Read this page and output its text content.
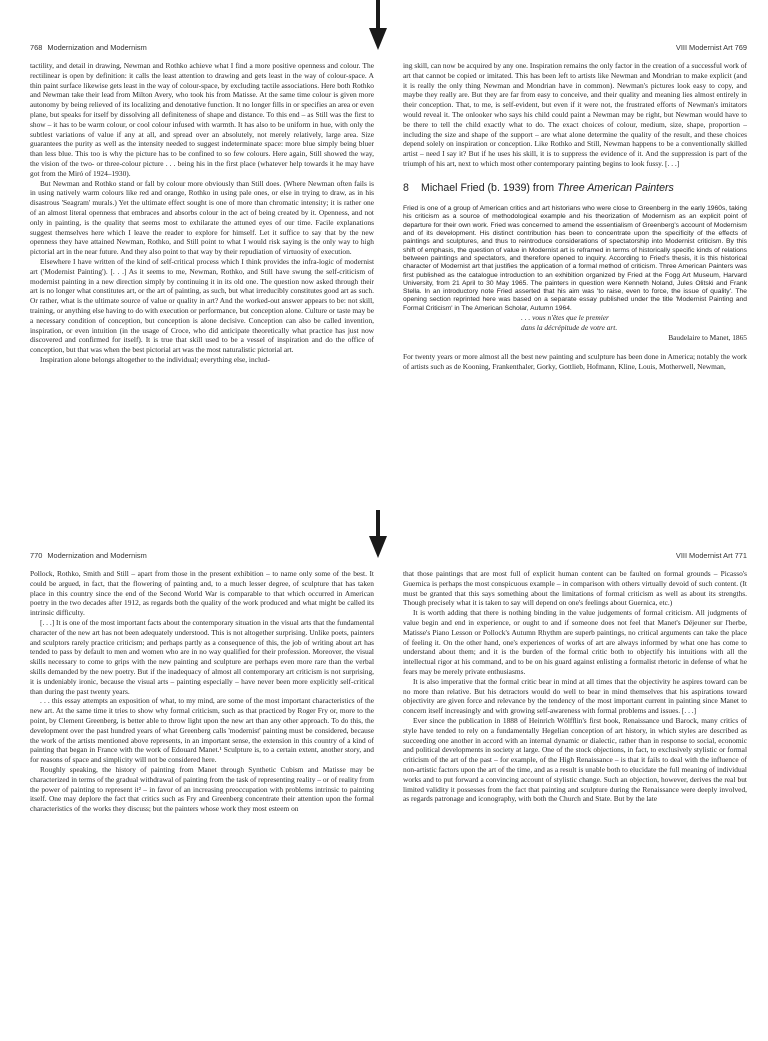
768 Modernization and Modernism

tactility, and detail in drawing, Newman and Rothko achieve what I find a more positive openness and colour. The rectilinear is open by definition: it calls the least attention to drawing and gets least in the way of colour-space. A thin paint surface likewise gets least in the way of colour-space, by excluding tactile associations. Here both Rothko and Newman take their lead from Milton Avery, who took his from Matisse. At the same time colour is given more autonomy by being relieved of its localizing and denotative function. It no longer fills in or specifies an area or even plane, but speaks for itself by dissolving all definiteness of shape and distance. To this end – as Still was the first to show – it has to be warm colour, or cool colour infused with warmth. It has also to be uniform in hue, with only the subtlest variations of value if any at all, and spread over an absolutely, not merely relatively, large area. Size guarantees the purity as well as the intensity needed to suggest indeterminate space: more blue simply being bluer than less blue. This too is why the picture has to be confined to so few colours. Here again, Still showed the way, the vision of the two- or three-colour picture . . . being his in the first place (whatever help towards it he may have got from the Miró of 1924–1930).

But Newman and Rothko stand or fall by colour more obviously than Still does. (Where Newman often fails is in using natively warm colours like red and orange, Rothko in using pale ones, or else in trying to draw, as in his disastrous 'Seagram' murals.) Yet the ultimate effect sought is one of more than chromatic intensity; it is rather one of an almost literal openness that embraces and absorbs colour in the act of being created by it. Openness, and not only in painting, is the quality that seems most to exhilarate the attuned eyes of our time. Facile explanations suggest themselves here which I leave the reader to explore for himself. Let it suffice to say that by the new openness they have attained Newman, Rothko, and Still point to what I would risk saying is the only way to high pictorial art in the near future. And they also point to that way by their repudiation of virtuosity of execution.

Elsewhere I have written of the kind of self-critical process which I think provides the infra-logic of modernist art ('Modernist Painting'). [. . .] As it seems to me, Newman, Rothko, and Still have swung the self-criticism of modernist painting in a new direction simply by continuing it in its old one. The question now asked through their art is no longer what constitutes art, or the art of painting, as such, but what irreducibly constitutes good art as such. Or rather, what is the ultimate source of value or quality in art? And the worked-out answer appears to be: not skill, training, or anything else having to do with execution or performance, but conception alone. Culture or taste may be a necessary condition of conception, but conception is alone decisive. Conception can also be called invention, inspiration, or even intuition (in the usage of Croce, who did anticipate theoretically what practice has just now discovered and confirmed for itself). It is true that skill used to be a vessel of inspiration and do the office of conception, but that was when the best pictorial art was the most naturalistic pictorial art.

Inspiration alone belongs altogether to the individual; everything else, includ-

VIII Modernist Art 769

ing skill, can now be acquired by any one. Inspiration remains the only factor in the creation of a successful work of art that cannot be copied or imitated. This has been left to artists like Newman and Mondrian to make explicit (and it is really the only thing Newman and Mondrian have in common). Newman's pictures look easy to copy, and maybe they really are. But they are far from easy to conceive, and their quality and meaning lies almost entirely in their conception. That, to me, is self-evident, but even if it were not, the frustrated efforts of Newman's imitators would reveal it. The onlooker who says his child could paint a Newman may be right, but Newman would have to be there to tell the child exactly what to do. The exact choices of colour, medium, size, shape, proportion – including the size and shape of the support – are what alone determine the quality of the result, and these choices depend solely on inspiration or conception. Like Rothko and Still, Newman happens to be a conventionally skilled artist – need I say it? But if he uses his skill, it is to suppress the evidence of it. And the suppression is part of the triumph of his art, next to which most other contemporary painting begins to look fussy. [. . .]

8	Michael Fried (b. 1939) from Three American Painters

Fried is one of a group of American critics and art historians who were close to Greenberg in the early 1960s, taking his criticism as a source of methodological example and his theorization of Modernism as an explicit point of departure for their own work. Fried was concerned to amend the essentialism of Greenberg's account of Modernism and of its development. His distinct contribution has been to concentrate upon the specificity of the effects of paintings and sculptures, and thus to reintroduce considerations of spectatorship into Modernist criticism. By this shift of emphasis, the question of value in Modernist art is reframed in terms of historically specific kinds of relations between paintings and spectators, and therefore opened to inquiry. According to Fried's thesis, it is this historical character of Modernist art that justifies the application of a formal method of criticism. Three American Painters was first published as the catalogue introduction to an exhibition organized by Fried at the Fogg Art Museum, Harvard University, from 21 April to 30 May 1965. The painters in question were Kenneth Noland, Jules Olitski and Frank Stella. In an introductory note Fried asserted that his aim was 'to raise, even to force, the issue of quality'. The opening section reprinted here was based on a separate essay published under the title 'Modernist Painting and Formal Criticism' in The American Scholar, Autumn 1964.

. . . vous n'êtes que le premier
dans la décrépitude de votre art.
Baudelaire to Manet, 1865

For twenty years or more almost all the best new painting and sculpture has been done in America; notably the work of artists such as de Kooning, Frankenthaler, Gorky, Gottlieb, Hofmann, Kline, Louis, Motherwell, Newman,

770 Modernization and Modernism

Pollock, Rothko, Smith and Still – apart from those in the present exhibition – to name only some of the best. It could be argued, in fact, that the flowering of painting and, to a much lesser degree, of sculpture that has taken place in this country since the end of the Second World War is comparable to that which occurred in American poetry in the two decades after 1912, as regards both the quality of the work produced and what might be called its intrinsic difficulty.

[. . .] It is one of the most important facts about the contemporary situation in the visual arts that the fundamental character of the new art has not been adequately understood. This is not altogether surprising. Unlike poets, painters and sculptors rarely practice criticism; and perhaps partly as a consequence of this, the job of writing about art has tended to pass by default to men and women who are in no way qualified for their profession. Moreover, the visual skills necessary to come to grips with the new painting and sculpture are perhaps even more rare than the verbal skills demanded by the new poetry. But if the inadequacy of almost all contemporary art criticism is not surprising, it is undeniably ironic, because the visual arts – painting especially – have never been more explicitly self-critical than during the past twenty years.

. . . this essay attempts an exposition of what, to my mind, are some of the most important characteristics of the new art. At the same time it tries to show why formal criticism, such as that practiced by Roger Fry or, more to the point, by Clement Greenberg, is better able to throw light upon the new art than any other approach. To do this, the development over the past hundred years of what Greenberg calls 'modernist' painting must be considered, because the work of the artists mentioned above represents, in an important sense, the extension in this country of a kind of painting that began in France with the work of Edouard Manet.¹ Sculpture is, to a certain extent, another story, and for reasons of space and simplicity will not be considered here.

Roughly speaking, the history of painting from Manet through Synthetic Cubism and Matisse may be characterized in terms of the gradual withdrawal of painting from the task of representing reality – or of reality from the power of painting to represent it² – in favor of an increasing preoccupation with problems intrinsic to painting itself. One may deplore the fact that critics such as Fry and Greenberg concentrate their attention upon the formal characteristics of the works they discuss; but the painters whose work they most esteem on

VIII Modernist Art 771

that those paintings that are most full of explicit human content can be faulted on formal grounds – Picasso's Guernica is perhaps the most conspicuous example – in comparison with others virtually devoid of such content. (It must be granted that this says something about the limitations of formal criticism as well as about its strengths. Though precisely what it is taken to say will depend on one's feelings about Guernica, etc.)

It is worth adding that there is nothing binding in the value judgements of formal criticism. All judgments of value begin and end in experience, or ought to and if someone does not feel that Manet's Déjeuner sur l'herbe, Matisse's Piano Lesson or Pollock's Autumn Rhythm are superb paintings, no critical arguments can take the place of feeling it. On the other hand, one's experiences of works of art are always informed by what one has come to understand about them; and it is the burden of the formal critic both to objectify his intuitions with all the intellectual rigor at his command, and to be on his guard against enlisting a formalist rhetoric in defense of what he fears may be merely private enthusiasms.

It is also imperative that the formal critic bear in mind at all times that the objectivity he aspires toward can be no more than relative. But his detractors would do well to bear in mind themselves that his aspirations toward objectivity are given force and relevance by the tendency of the most important current in painting since Manet to concern itself increasingly and with growing self-awareness with formal problems and issues. [. . .]

Ever since the publication in 1888 of Heinrich Wölfflin's first book, Renaissance und Barock, many critics of style have tended to rely on a fundamentally Hegelian conception of art history, in which styles are described as succeeding one another in accord with an internal dynamic or dialectic, rather than in response to social, economic and political developments in society at large. One of the stock objections, in fact, to exclusively stylistic or formal criticism of the art of the past – for example, of the High Renaissance – is that it fails to deal with the influence of non-artistic factors upon the art of the time, and as a result is unable both to elucidate the full meaning of individual works and to put forward a convincing account of stylistic change. Such an objection, however, derives the real but limited validity it possesses from the fact that painting and sculpture during the Renaissance were deeply involved, as regards patronage and iconography, with both the Church and State. But by the late
